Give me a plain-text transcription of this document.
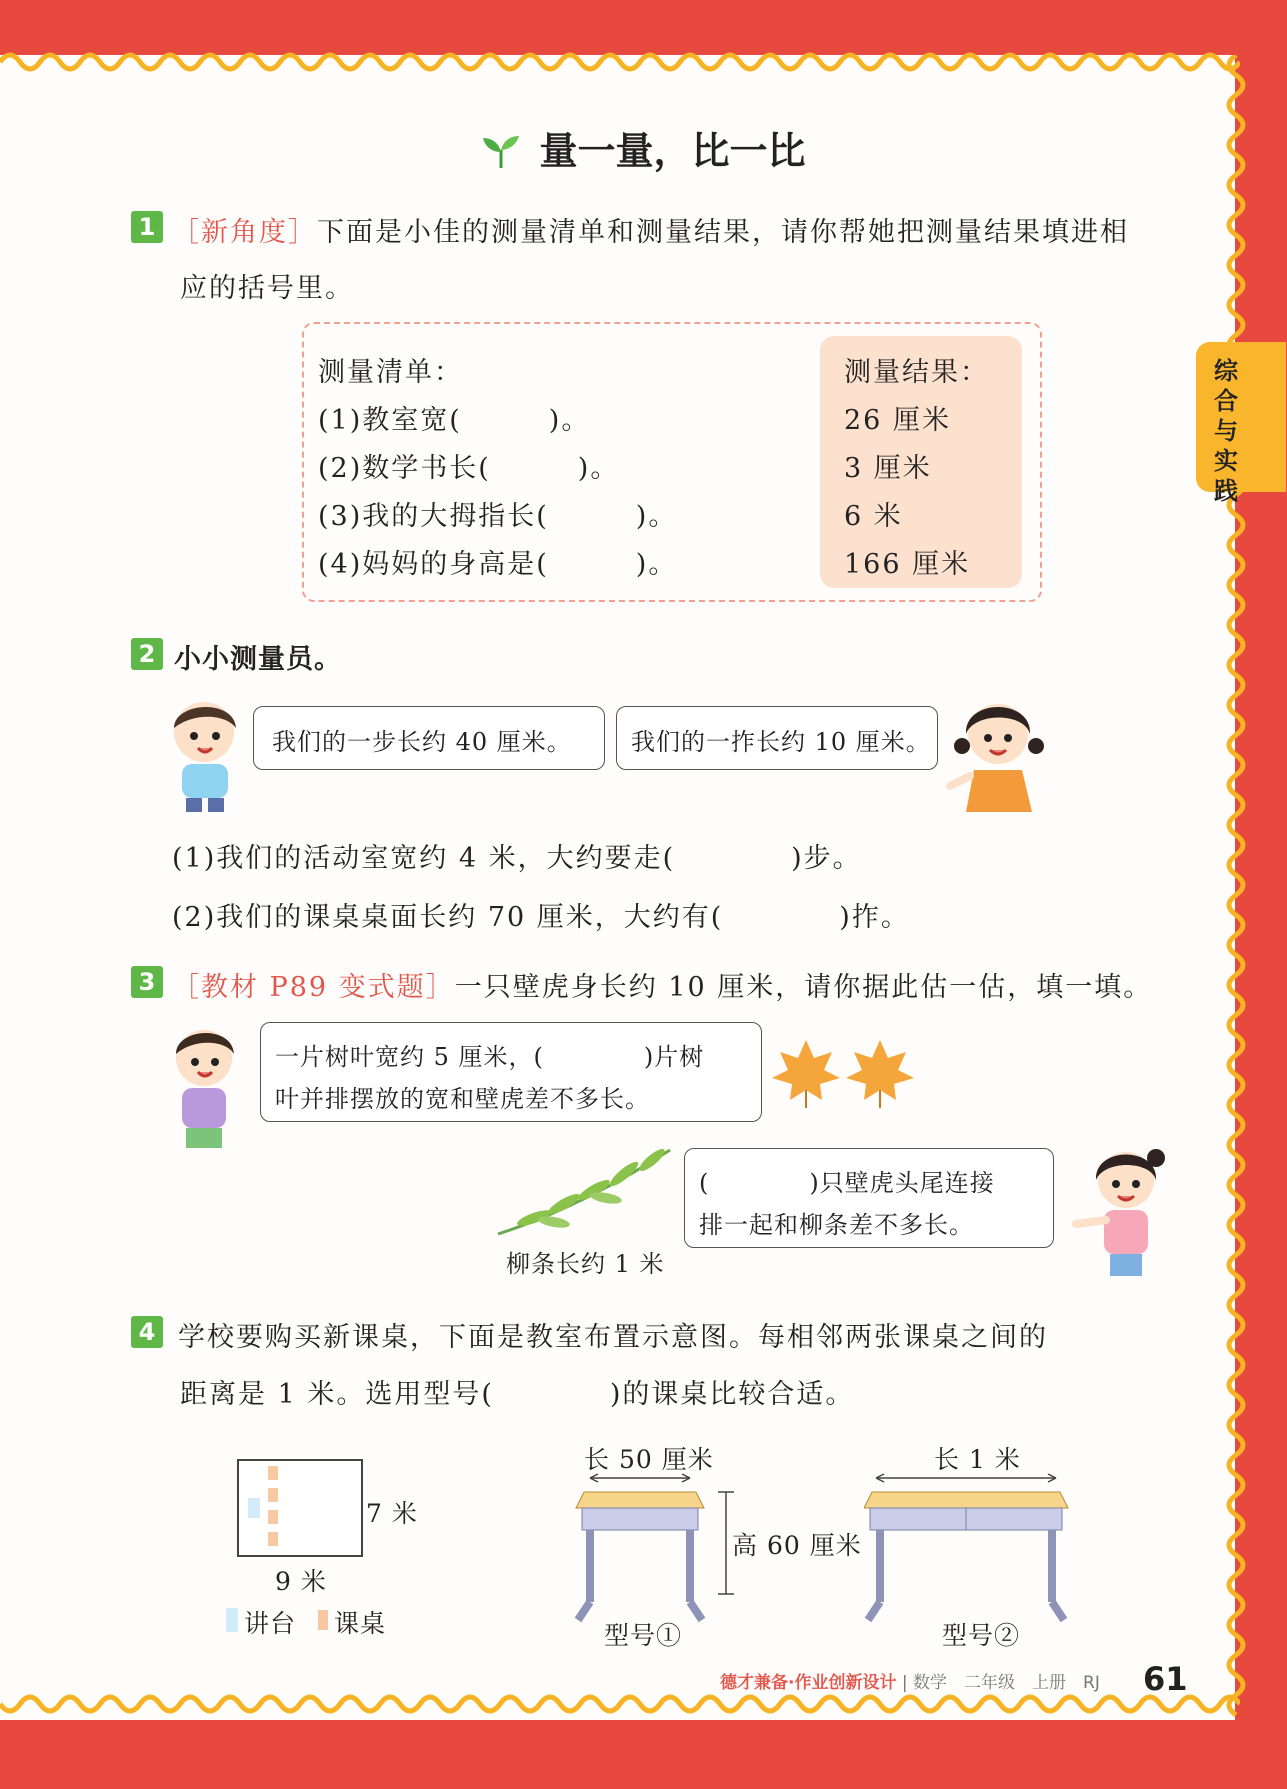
综合与实践
量一量，比一比
1 ［新角度］下面是小佳的测量清单和测量结果，请你帮她把测量结果填进相
应的括号里。
测量清单：
(1)教室宽(　　　)。
(2)数学书长(　　　)。
(3)我的大拇指长(　　　)。
(4)妈妈的身高是(　　　)。
测量结果：
26 厘米
3 厘米
6 米
166 厘米
2 小小测量员。
我们的一步长约 40 厘米。 我们的一拃长约 10 厘米。
(1)我们的活动室宽约 4 米，大约要走(　　　　)步。
(2)我们的课桌桌面长约 70 厘米，大约有(　　　　)拃。
3 ［教材 P89 变式题］一只壁虎身长约 10 厘米，请你据此估一估，填一填。
一片树叶宽约 5 厘米，(　　　　)片树
叶并排摆放的宽和壁虎差不多长。
柳条长约 1 米
(　　　　)只壁虎头尾连接
排一起和柳条差不多长。
4 学校要购买新课桌，下面是教室布置示意图。每相邻两张课桌之间的
距离是 1 米。选用型号(　　　　)的课桌比较合适。
7 米
9 米
讲台 课桌
长 50 厘米
高 60 厘米
型号①
长 1 米
型号②
德才兼备·作业创新设计 | 数学　二年级　上册　RJ 61
